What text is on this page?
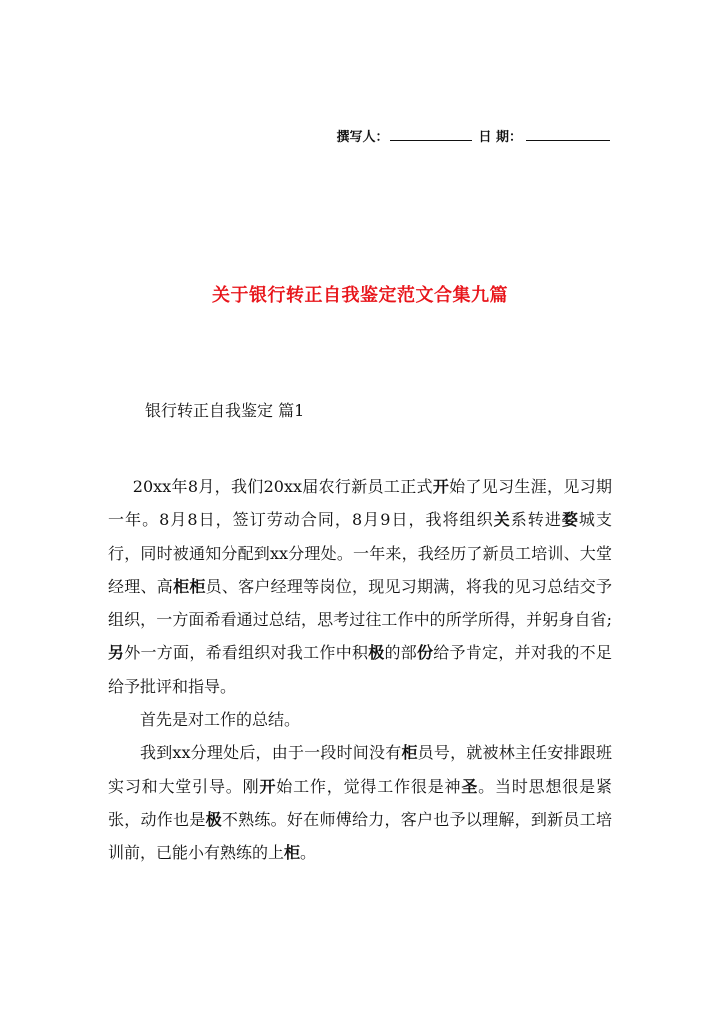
撰写人：	日 期：
关于银行转正自我鉴定范文合集九篇
银行转正自我鉴定 篇1

20xx年8月，我们20xx届农行新员工正式开始了见习生涯，见习期一年。8月8日，签订劳动合同，8月9日，我将组织关系转进婺城支行，同时被通知分配到xx分理处。一年来，我经历了新员工培训、大堂经理、高柜柜员、客户经理等岗位，现见习期满，将我的见习总结交予组织，一方面希看通过总结，思考过往工作中的所学所得，并躬身自省;另外一方面，希看组织对我工作中积极的部份给予肯定，并对我的不足给予批评和指导。

首先是对工作的总结。

我到xx分理处后，由于一段时间没有柜员号，就被林主任安排跟班实习和大堂引导。刚开始工作，觉得工作很是神圣。当时思想很是紧张，动作也是极不熟练。好在师傅给力，客户也予以理解，到新员工培训前，已能小有熟练的上柜。
